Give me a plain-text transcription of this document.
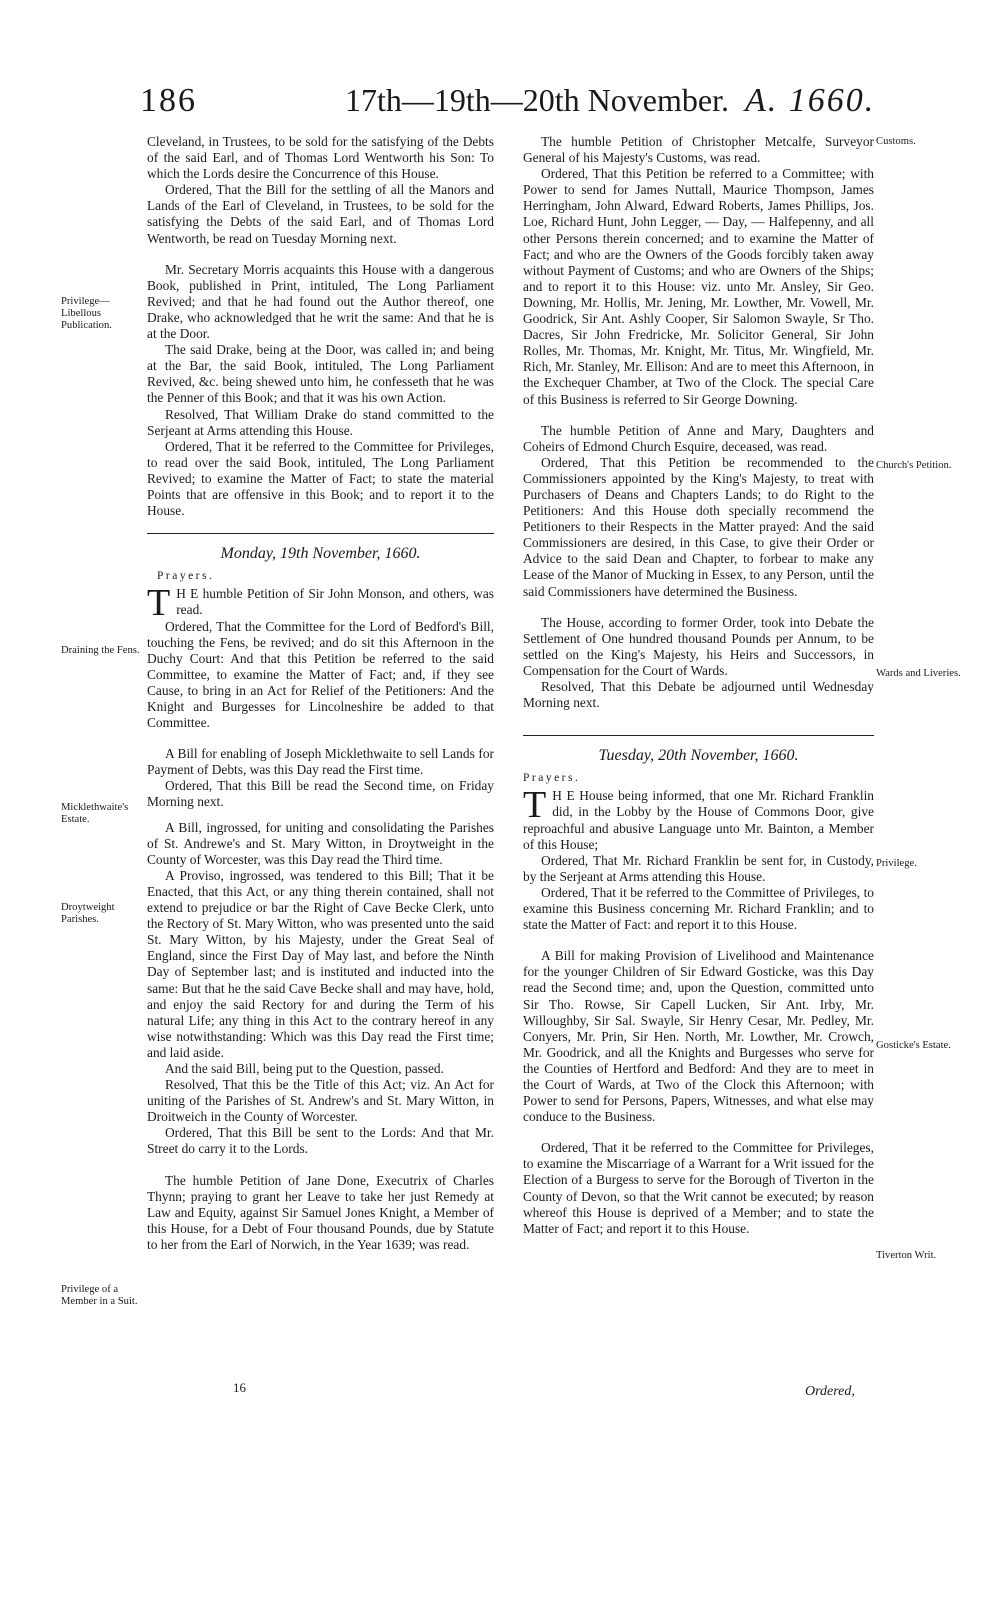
186	17th—19th—20th November. A. 1660.
Privilege—Libellous Publication.
Draining the Fens.
Micklethwaite's Estate.
Droytweight Parishes.
Privilege of a Member in a Suit.
Customs.
Church's Petition.
Wards and Liveries.
Privilege.
Gosticke's Estate.
Tiverton Writ.

Cleveland, in Trustees, to be sold for the satisfying of the Debts of the said Earl, and of Thomas Lord Wentworth his Son: To which the Lords desire the Concurrence of this House.

Ordered, That the Bill for the settling of all the Manors and Lands of the Earl of Cleveland, in Trustees, to be sold for the satisfying the Debts of the said Earl, and of Thomas Lord Wentworth, be read on Tuesday Morning next.

Mr. Secretary Morris acquaints this House with a dangerous Book, published in Print, intituled, The Long Parliament Revived; and that he had found out the Author thereof, one Drake, who acknowledged that he writ the same: And that he is at the Door.

The said Drake, being at the Door, was called in; and being at the Bar, the said Book, intituled, The Long Parliament Revived, &c. being shewed unto him, he confesseth that he was the Penner of this Book; and that it was his own Action.

Resolved, That William Drake do stand committed to the Serjeant at Arms attending this House.

Ordered, That it be referred to the Committee for Privileges, to read over the said Book, intituled, The Long Parliament Revived; to examine the Matter of Fact; to state the material Points that are offensive in this Book; and to report it to the House.

Monday, 19th November, 1660.
Prayers.

T H E humble Petition of Sir John Monson, and others, was read.

Ordered, That the Committee for the Lord of Bedford's Bill, touching the Fens, be revived; and do sit this Afternoon in the Duchy Court: And that this Petition be referred to the said Committee, to examine the Matter of Fact; and, if they see Cause, to bring in an Act for Relief of the Petitioners: And the Knight and Burgesses for Lincolneshire be added to that Committee.

A Bill for enabling of Joseph Micklethwaite to sell Lands for Payment of Debts, was this Day read the First time.

Ordered, That this Bill be read the Second time, on Friday Morning next.

A Bill, ingrossed, for uniting and consolidating the Parishes of St. Andrewe's and St. Mary Witton, in Droytweight in the County of Worcester, was this Day read the Third time.

A Proviso, ingrossed, was tendered to this Bill; That it be Enacted, that this Act, or any thing therein contained, shall not extend to prejudice or bar the Right of Cave Becke Clerk, unto the Rectory of St. Mary Witton, who was presented unto the said St. Mary Witton, by his Majesty, under the Great Seal of England, since the First Day of May last, and before the Ninth Day of September last; and is instituted and inducted into the same: But that he the said Cave Becke shall and may have, hold, and enjoy the said Rectory for and during the Term of his natural Life; any thing in this Act to the contrary hereof in any wise notwithstanding: Which was this Day read the First time; and laid aside.

And the said Bill, being put to the Question, passed.

Resolved, That this be the Title of this Act; viz. An Act for uniting of the Parishes of St. Andrew's and St. Mary Witton, in Droitweich in the County of Worcester.

Ordered, That this Bill be sent to the Lords: And that Mr. Street do carry it to the Lords.

The humble Petition of Jane Done, Executrix of Charles Thynn; praying to grant her Leave to take her just Remedy at Law and Equity, against Sir Samuel Jones Knight, a Member of this House, for a Debt of Four thousand Pounds, due by Statute to her from the Earl of Norwich, in the Year 1639; was read.

The humble Petition of Christopher Metcalfe, Surveyor General of his Majesty's Customs, was read.

Ordered, That this Petition be referred to a Committee; with Power to send for James Nuttall, Maurice Thompson, James Herringham, John Alward, Edward Roberts, James Phillips, Jos. Loe, Richard Hunt, John Legger, — Day, — Halfepenny, and all other Persons therein concerned; and to examine the Matter of Fact; and who are the Owners of the Goods forcibly taken away without Payment of Customs; and who are Owners of the Ships; and to report it to this House: viz. unto Mr. Ansley, Sir Geo. Downing, Mr. Hollis, Mr. Jening, Mr. Lowther, Mr. Vowell, Mr. Goodrick, Sir Ant. Ashly Cooper, Sir Salomon Swayle, Sr Tho. Dacres, Sir John Fredricke, Mr. Solicitor General, Sir John Rolles, Mr. Thomas, Mr. Knight, Mr. Titus, Mr. Wingfield, Mr. Rich, Mr. Stanley, Mr. Ellison: And are to meet this Afternoon, in the Exchequer Chamber, at Two of the Clock. The special Care of this Business is referred to Sir George Downing.

The humble Petition of Anne and Mary, Daughters and Coheirs of Edmond Church Esquire, deceased, was read.

Ordered, That this Petition be recommended to the Commissioners appointed by the King's Majesty, to treat with Purchasers of Deans and Chapters Lands; to do Right to the Petitioners: And this House doth specially recommend the Petitioners to their Respects in the Matter prayed: And the said Commissioners are desired, in this Case, to give their Order or Advice to the said Dean and Chapter, to forbear to make any Lease of the Manor of Mucking in Essex, to any Person, until the said Commissioners have determined the Business.

The House, according to former Order, took into Debate the Settlement of One hundred thousand Pounds per Annum, to be settled on the King's Majesty, his Heirs and Successors, in Compensation for the Court of Wards.

Resolved, That this Debate be adjourned until Wednesday Morning next.

Tuesday, 20th November, 1660.
Prayers.

T H E House being informed, that one Mr. Richard Franklin did, in the Lobby by the House of Commons Door, give reproachful and abusive Language unto Mr. Bainton, a Member of this House;

Ordered, That Mr. Richard Franklin be sent for, in Custody, by the Serjeant at Arms attending this House.

Ordered, That it be referred to the Committee of Privileges, to examine this Business concerning Mr. Richard Franklin; and to state the Matter of Fact: and report it to this House.

A Bill for making Provision of Livelihood and Maintenance for the younger Children of Sir Edward Gosticke, was this Day read the Second time; and, upon the Question, committed unto Sir Tho. Rowse, Sir Capell Lucken, Sir Ant. Irby, Mr. Willoughby, Sir Sal. Swayle, Sir Henry Cesar, Mr. Pedley, Mr. Conyers, Mr. Prin, Sir Hen. North, Mr. Lowther, Mr. Crowch, Mr. Goodrick, and all the Knights and Burgesses who serve for the Counties of Hertford and Bedford: And they are to meet in the Court of Wards, at Two of the Clock this Afternoon; with Power to send for Persons, Papers, Witnesses, and what else may conduce to the Business.

Ordered, That it be referred to the Committee for Privileges, to examine the Miscarriage of a Warrant for a Writ issued for the Election of a Burgess to serve for the Borough of Tiverton in the County of Devon, so that the Writ cannot be executed; by reason whereof this House is deprived of a Member; and to state the Matter of Fact; and report it to this House.

16	Ordered,
